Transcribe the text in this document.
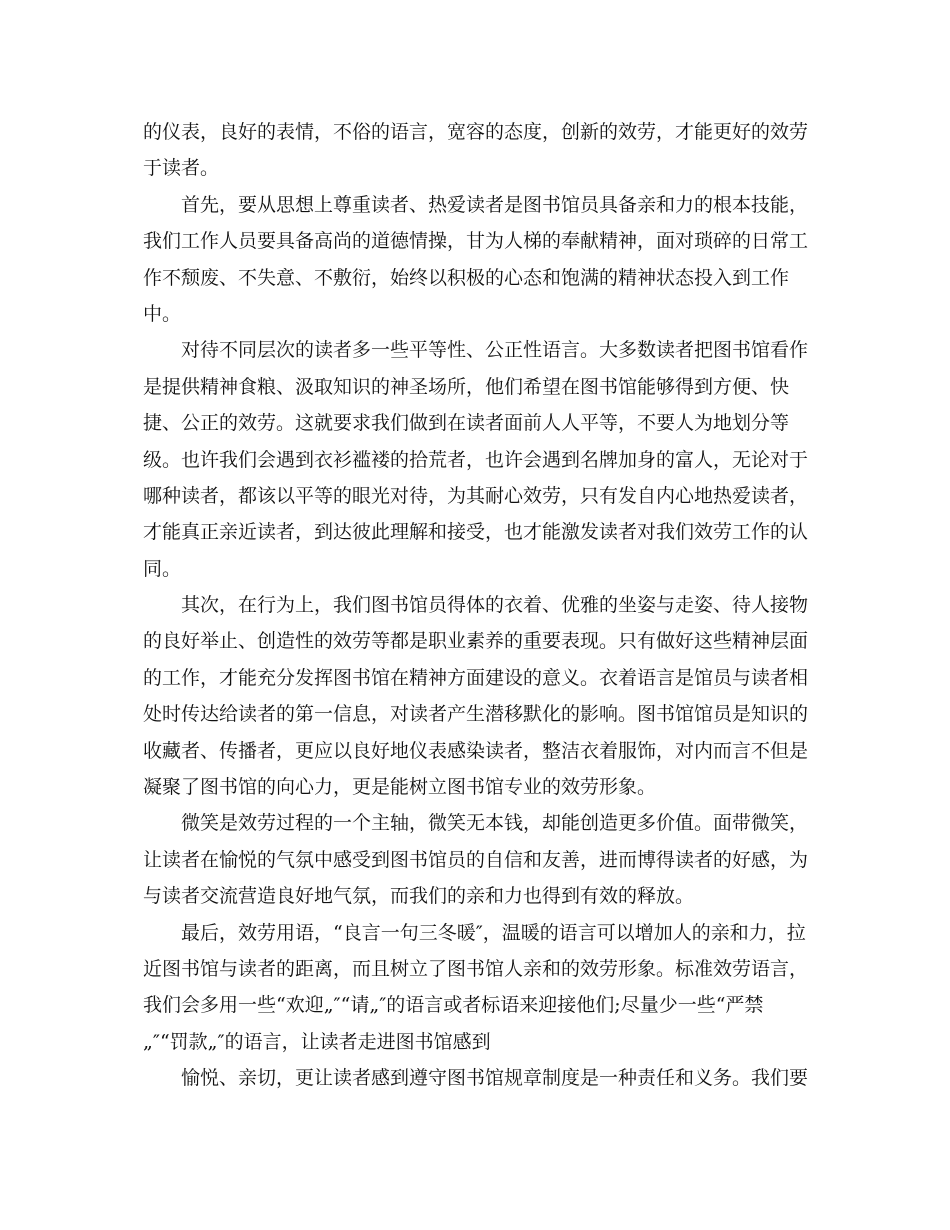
的仪表，良好的表情，不俗的语言，宽容的态度，创新的效劳，才能更好的效劳
于读者。
首先，要从思想上尊重读者、热爱读者是图书馆员具备亲和力的根本技能，
我们工作人员要具备高尚的道德情操，甘为人梯的奉献精神，面对琐碎的日常工
作不颓废、不失意、不敷衍，始终以积极的心态和饱满的精神状态投入到工作
中。
对待不同层次的读者多一些平等性、公正性语言。大多数读者把图书馆看作
是提供精神食粮、汲取知识的神圣场所，他们希望在图书馆能够得到方便、快
捷、公正的效劳。这就要求我们做到在读者面前人人平等，不要人为地划分等
级。也许我们会遇到衣衫褴褛的拾荒者，也许会遇到名牌加身的富人，无论对于
哪种读者，都该以平等的眼光对待，为其耐心效劳，只有发自内心地热爱读者，
才能真正亲近读者，到达彼此理解和接受，也才能激发读者对我们效劳工作的认
同。
其次，在行为上，我们图书馆员得体的衣着、优雅的坐姿与走姿、待人接物
的良好举止、创造性的效劳等都是职业素养的重要表现。只有做好这些精神层面
的工作，才能充分发挥图书馆在精神方面建设的意义。衣着语言是馆员与读者相
处时传达给读者的第一信息，对读者产生潜移默化的影响。图书馆馆员是知识的
收藏者、传播者，更应以良好地仪表感染读者，整洁衣着服饰，对内而言不但是
凝聚了图书馆的向心力，更是能树立图书馆专业的效劳形象。
微笑是效劳过程的一个主轴，微笑无本钱，却能创造更多价值。面带微笑，
让读者在愉悦的气氛中感受到图书馆员的自信和友善，进而博得读者的好感，为
与读者交流营造良好地气氛，而我们的亲和力也得到有效的释放。
最后，效劳用语，“良言一句三冬暖″，温暖的语言可以增加人的亲和力，拉
近图书馆与读者的距离，而且树立了图书馆人亲和的效劳形象。标准效劳语言，
我们会多用一些“欢迎„″“请„″的语言或者标语来迎接他们;尽量少一些“严禁
„″“罚款„″的语言，让读者走进图书馆感到
愉悦、亲切，更让读者感到遵守图书馆规章制度是一种责任和义务。我们要
